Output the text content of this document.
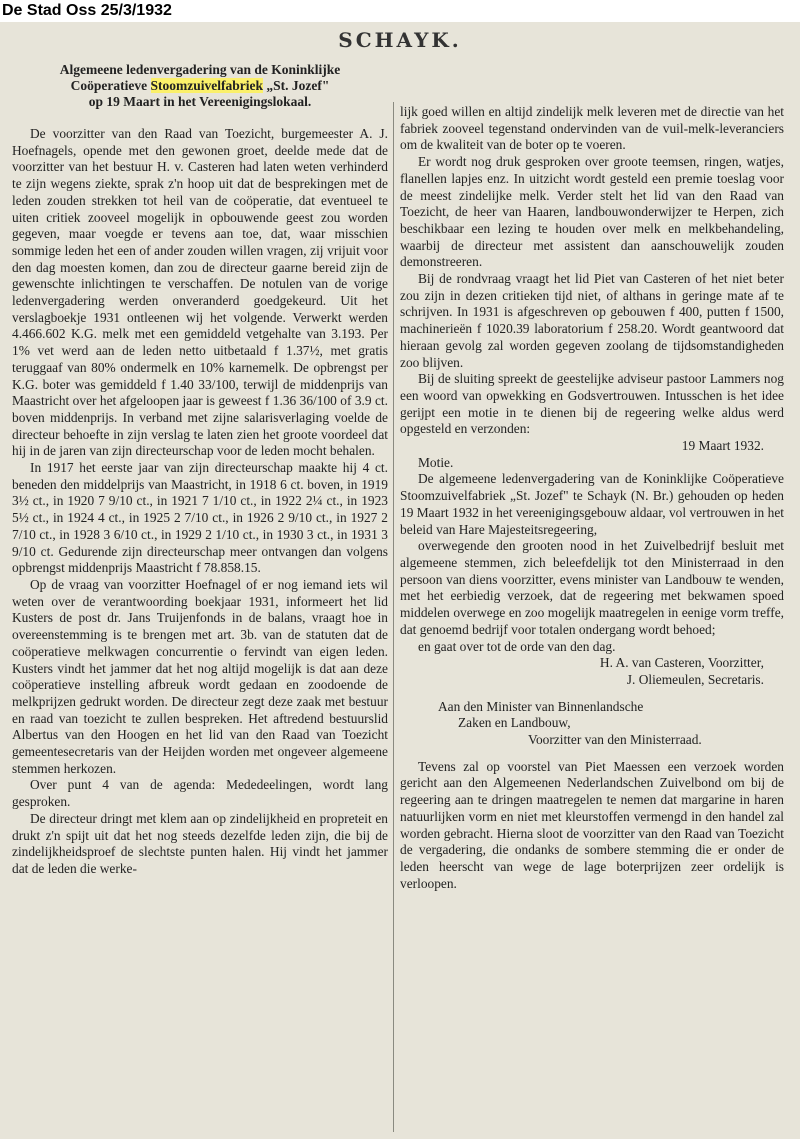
De Stad Oss 25/3/1932
SCHAYK.
Algemeene ledenvergadering van de Koninklijke
Coöperatieve Stoomzuivelfabriek „St. Jozef"
op 19 Maart in het Vereenigingslokaal.

De voorzitter van den Raad van Toezicht, burgemeester A. J. Hoefnagels, opende met den gewonen groet, deelde mede dat de voorzitter van het bestuur H. v. Casteren had laten weten verhinderd te zijn wegens ziekte, sprak z'n hoop uit dat de besprekingen met de leden zouden strekken tot heil van de coöperatie, dat eventueel te uiten critiek zooveel mogelijk in opbouwende geest zou worden gegeven, maar voegde er tevens aan toe, dat, waar misschien sommige leden het een of ander zouden willen vragen, zij vrijuit voor den dag moesten komen, dan zou de directeur gaarne bereid zijn de gewenschte inlichtingen te verschaffen. De notulen van de vorige ledenvergadering werden onveranderd goedgekeurd. Uit het verslagboekje 1931 ontleenen wij het volgende. Verwerkt werden 4.466.602 K.G. melk met een gemiddeld vetgehalte van 3.193. Per 1% vet werd aan de leden netto uitbetaald f 1.37½, met gratis teruggaaf van 80% ondermelk en 10% karnemelk. De opbrengst per K.G. boter was gemiddeld f 1.40 33/100, terwijl de middenprijs van Maastricht over het afgeloopen jaar is geweest f 1.36 36/100 of 3.9 ct. boven middenprijs. In verband met zijne salarisverlaging voelde de directeur behoefte in zijn verslag te laten zien het groote voordeel dat hij in de jaren van zijn directeurschap voor de leden mocht behalen.

In 1917 het eerste jaar van zijn directeurschap maakte hij 4 ct. beneden den middelprijs van Maastricht, in 1918 6 ct. boven, in 1919 3½ ct., in 1920 7 9/10 ct., in 1921 7 1/10 ct., in 1922 2¼ ct., in 1923 5½ ct., in 1924 4 ct., in 1925 2 7/10 ct., in 1926 2 9/10 ct., in 1927 2 7/10 ct., in 1928 3 6/10 ct., in 1929 2 1/10 ct., in 1930 3 ct., in 1931 3 9/10 ct. Gedurende zijn directeurschap meer ontvangen dan volgens opbrengst middenprijs Maastricht f 78.858.15.

Op de vraag van voorzitter Hoefnagel of er nog iemand iets wil weten over de verantwoording boekjaar 1931, informeert het lid Kusters de post dr. Jans Truijenfonds in de balans, vraagt hoe in overeenstemming is te brengen met art. 3b. van de statuten dat de coöperatieve melkwagen concurrentie o fervindt van eigen leden. Kusters vindt het jammer dat het nog altijd mogelijk is dat aan deze coöperatieve instelling afbreuk wordt gedaan en zoodoende de melkprijzen gedrukt worden. De directeur zegt deze zaak met bestuur en raad van toezicht te zullen bespreken. Het aftredend bestuurslid Albertus van den Hoogen en het lid van den Raad van Toezicht gemeentesecretaris van der Heijden worden met ongeveer algemeene stemmen herkozen.

Over punt 4 van de agenda: Mededeelingen, wordt lang gesproken.

De directeur dringt met klem aan op zindelijkheid en propreteit en drukt z'n spijt uit dat het nog steeds dezelfde leden zijn, die bij de zindelijkheidsproef de slechtste punten halen. Hij vindt het jammer dat de leden die werke-

lijk goed willen en altijd zindelijk melk leveren met de directie van het fabriek zooveel tegenstand ondervinden van de vuil-melk-leveranciers om de kwaliteit van de boter op te voeren.

Er wordt nog druk gesproken over groote teemsen, ringen, watjes, flanellen lapjes enz. In uitzicht wordt gesteld een premie toeslag voor de meest zindelijke melk. Verder stelt het lid van den Raad van Toezicht, de heer van Haaren, landbouwonderwijzer te Herpen, zich beschikbaar een lezing te houden over melk en melkbehandeling, waarbij de directeur met assistent dan aanschouwelijk zouden demonstreeren.

Bij de rondvraag vraagt het lid Piet van Casteren of het niet beter zou zijn in dezen critieken tijd niet, of althans in geringe mate af te schrijven. In 1931 is afgeschreven op gebouwen f 400, putten f 1500, machinerieën f 1020.39 laboratorium f 258.20. Wordt geantwoord dat hieraan gevolg zal worden gegeven zoolang de tijdsomstandigheden zoo blijven.

Bij de sluiting spreekt de geestelijke adviseur pastoor Lammers nog een woord van opwekking en Godsvertrouwen. Intusschen is het idee gerijpt een motie in te dienen bij de regeering welke aldus werd opgesteld en verzonden:

19 Maart 1932.

Motie.

De algemeene ledenvergadering van de Koninklijke Coöperatieve Stoomzuivelfabriek „St. Jozef" te Schayk (N. Br.) gehouden op heden 19 Maart 1932 in het vereenigingsgebouw aldaar, vol vertrouwen in het beleid van Hare Majesteitsregeering,

overwegende den grooten nood in het Zuivelbedrijf besluit met algemeene stemmen, zich beleefdelijk tot den Ministerraad in den persoon van diens voorzitter, evens minister van Landbouw te wenden, met het eerbiedig verzoek, dat de regeering met bekwamen spoed middelen overwege en zoo mogelijk maatregelen in eenige vorm treffe, dat genoemd bedrijf voor totalen ondergang wordt behoed;

en gaat over tot de orde van den dag.

H. A. van Casteren, Voorzitter,

J. Oliemeulen, Secretaris.

Aan den Minister van Binnenlandsche

Zaken en Landbouw,

Voorzitter van den Ministerraad.

Tevens zal op voorstel van Piet Maessen een verzoek worden gericht aan den Algemeenen Nederlandschen Zuivelbond om bij de regeering aan te dringen maatregelen te nemen dat margarine in haren natuurlijken vorm en niet met kleurstoffen vermengd in den handel zal worden gebracht. Hierna sloot de voorzitter van den Raad van Toezicht de vergadering, die ondanks de sombere stemming die er onder de leden heerscht van wege de lage boterprijzen zeer ordelijk is verloopen.
